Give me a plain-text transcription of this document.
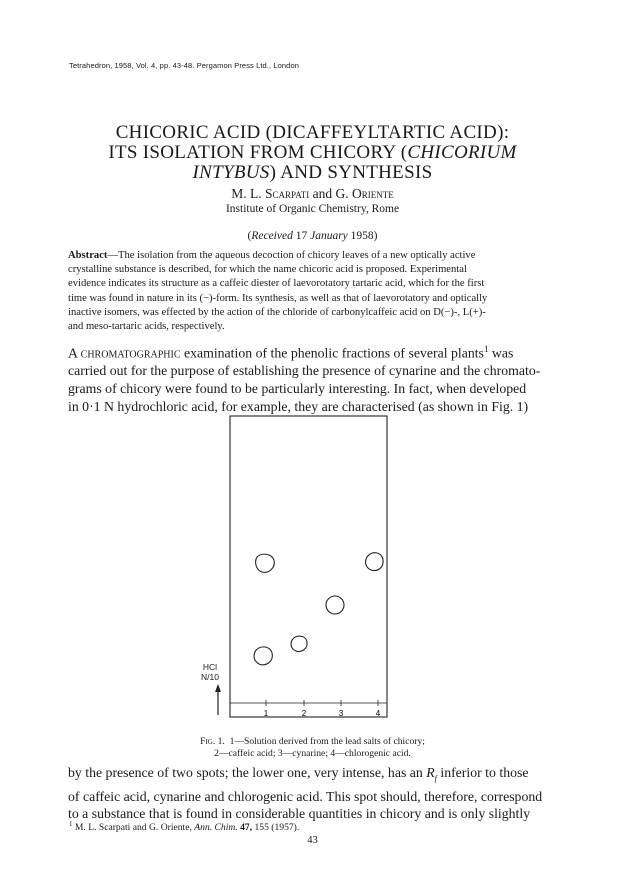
Tetrahedron, 1958, Vol. 4, pp. 43-48. Pergamon Press Ltd., London
CHICORIC ACID (DICAFFEYLTARTIC ACID):
ITS ISOLATION FROM CHICORY (CHICORIUM
INTYBUS) AND SYNTHESIS
M. L. Scarpati and G. Oriente
Institute of Organic Chemistry, Rome
(Received 17 January 1958)
Abstract—The isolation from the aqueous decoction of chicory leaves of a new optically active
crystalline substance is described, for which the name chicoric acid is proposed. Experimental
evidence indicates its structure as a caffeic diester of laevorotatory tartaric acid, which for the first
time was found in nature in its (−)-form. Its synthesis, as well as that of laevorotatory and optically
inactive isomers, was effected by the action of the chloride of carbonylcaffeic acid on D(−)-, L(+)-
and meso-tartaric acids, respectively.
A chromatographic examination of the phenolic fractions of several plants$^1$ was
carried out for the purpose of establishing the presence of cynarine and the chromato-
grams of chicory were found to be particularly interesting. In fact, when developed
in 0·1 N hydrochloric acid, for example, they are characterised (as shown in Fig. 1)
1	2	3	4
HCl
N/10
Fig. 1. 1—Solution derived from the lead salts of chicory;
2—caffeic acid; 3—cynarine; 4—chlorogenic acid.
by the presence of two spots; the lower one, very intense, has an $R_f$ inferior to those
of caffeic acid, cynarine and chlorogenic acid. This spot should, therefore, correspond
to a substance that is found in considerable quantities in chicory and is only slightly
$^1$ M. L. Scarpati and G. Oriente, Ann. Chim. 47, 155 (1957).
43
